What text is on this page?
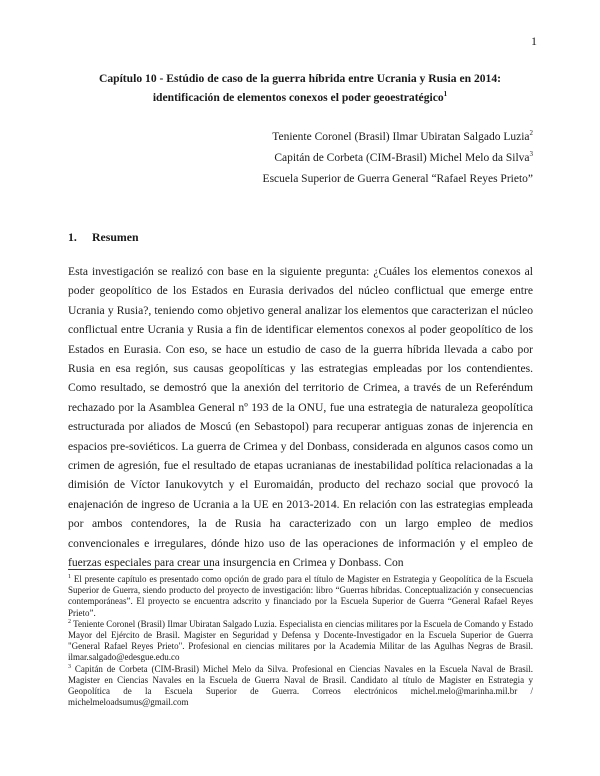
1
Capítulo 10 - Estúdio de caso de la guerra híbrida entre Ucrania y Rusia en 2014:
identificación de elementos conexos el poder geoestratégico$^1$
Teniente Coronel (Brasil) Ilmar Ubiratan Salgado Luzia$^2$
Capitán de Corbeta (CIM-Brasil) Michel Melo da Silva$^3$
Escuela Superior de Guerra General “Rafael Reyes Prieto”
1. Resumen

Esta investigación se realizó con base en la siguiente pregunta: ¿Cuáles los elementos conexos al poder geopolítico de los Estados en Eurasia derivados del núcleo conflictual que emerge entre Ucrania y Rusia?, teniendo como objetivo general analizar los elementos que caracterizan el núcleo conflictual entre Ucrania y Rusia a fin de identificar elementos conexos al poder geopolítico de los Estados en Eurasia. Con eso, se hace un estudio de caso de la guerra híbrida llevada a cabo por Rusia en esa región, sus causas geopolíticas y las estrategias empleadas por los contendientes. Como resultado, se demostró que la anexión del territorio de Crimea, a través de un Referéndum rechazado por la Asamblea General nº 193 de la ONU, fue una estrategia de naturaleza geopolítica estructurada por aliados de Moscú (en Sebastopol) para recuperar antiguas zonas de injerencia en espacios pre-soviéticos. La guerra de Crimea y del Donbass, considerada en algunos casos como un crimen de agresión, fue el resultado de etapas ucranianas de inestabilidad política relacionadas a la dimisión de Víctor Ianukovytch y el Euromaidán, producto del rechazo social que provocó la enajenación de ingreso de Ucrania a la UE en 2013-2014. En relación con las estrategias empleada por ambos contendores, la de Rusia ha caracterizado con un largo empleo de medios convencionales e irregulares, dónde hizo uso de las operaciones de información y el empleo de fuerzas especiales para crear una insurgencia en Crimea y Donbass. Con

$^1$ El presente capítulo es presentado como opción de grado para el título de Magister en Estrategia y Geopolítica de la Escuela Superior de Guerra, siendo producto del proyecto de investigación: libro “Guerras híbridas. Conceptualización y consecuencias contemporáneas”. El proyecto se encuentra adscrito y financiado por la Escuela Superior de Guerra “General Rafael Reyes Prieto”.

$^2$ Teniente Coronel (Brasil) Ilmar Ubiratan Salgado Luzia. Especialista en ciencias militares por la Escuela de Comando y Estado Mayor del Ejército de Brasil. Magister en Seguridad y Defensa y Docente-Investigador en la Escuela Superior de Guerra "General Rafael Reyes Prieto". Profesional en ciencias militares por la Academia Militar de las Agulhas Negras de Brasil. ilmar.salgado@edesgue.edu.co

$^3$ Capitán de Corbeta (CIM-Brasil) Michel Melo da Silva. Profesional en Ciencias Navales en la Escuela Naval de Brasil. Magister en Ciencias Navales en la Escuela de Guerra Naval de Brasil. Candidato al título de Magister en Estrategia y Geopolítica de la Escuela Superior de Guerra. Correos electrónicos michel.melo@marinha.mil.br / michelmeloadsumus@gmail.com
